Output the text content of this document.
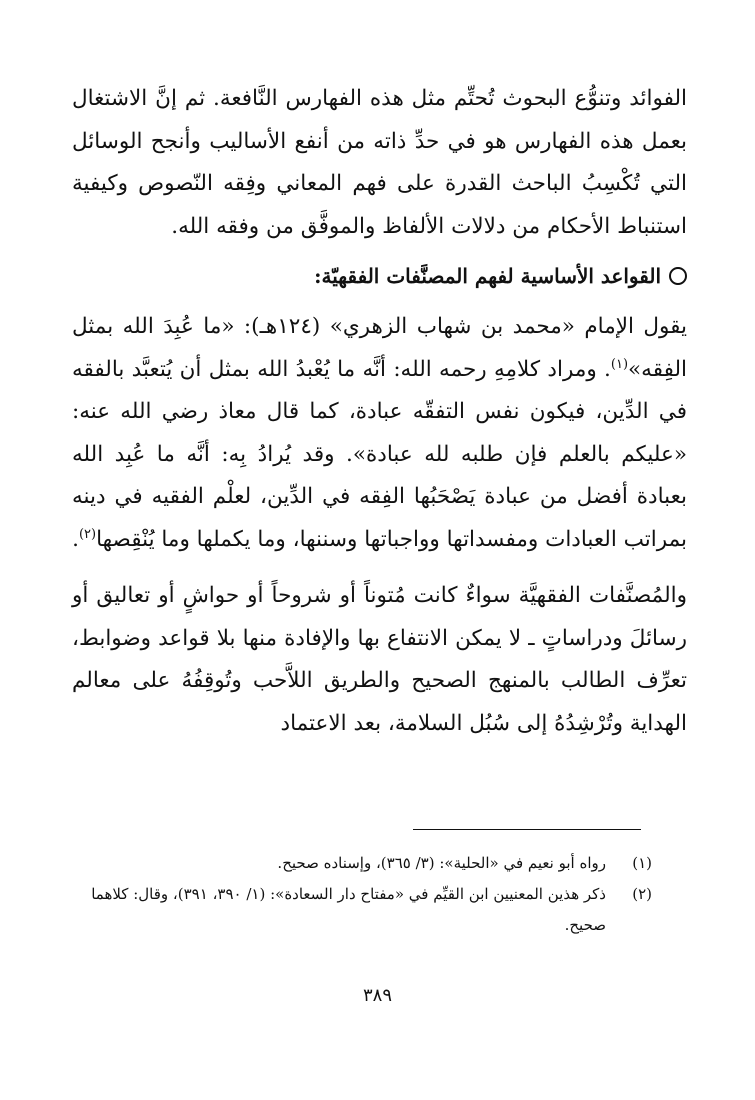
الفوائد وتنوُّع البحوث تُحتِّم مثل هذه الفهارس النَّافعة. ثم إنَّ الاشتغال بعمل هذه الفهارس هو في حدِّ ذاته من أنفع الأساليب وأنجح الوسائل التي تُكْسِبُ الباحث القدرة على فهم المعاني وفِقه النّصوص وكيفية استنباط الأحكام من دلالات الألفاظ والموفَّق من وفقه الله.

القواعد الأساسية لفهم المصنَّفات الفقهيّة:

يقول الإمام «محمد بن شهاب الزهري» (١٢٤هـ): «ما عُبِدَ الله بمثل الفِقه»$^{(١)}$. ومراد كلامِهِ رحمه الله: أنَّه ما يُعْبدُ الله بمثل أن يُتعبَّد بالفقه في الدِّين، فيكون نفس التفقّه عبادة، كما قال معاذ رضي الله عنه: «عليكم بالعلم فإن طلبه لله عبادة». وقد يُرادُ بِه: أنَّه ما عُبِد الله بعبادة أفضل من عبادة يَصْحَبُها الفِقه في الدِّين، لعلْم الفقيه في دينه بمراتب العبادات ومفسداتها وواجباتها وسننها، وما يكملها وما يُنْقِصها$^{(٢)}$.

والمُصنَّفات الفقهيَّة سواءٌ كانت مُتوناً أو شروحاً أو حواشٍ أو تعاليق أو رسائلَ ودراساتٍ ـ لا يمكن الانتفاع بها والإفادة منها بلا قواعد وضوابط، تعرِّف الطالب بالمنهج الصحيح والطريق اللاَّحب وتُوقِفُهُ على معالم الهداية وتُرْشِدُهُ إلى سُبُل السلامة، بعد الاعتماد

(١)
رواه أبو نعيم في «الحلية»: (٣/ ٣٦٥)، وإسناده صحيح.
(٢)
ذكر هذين المعنيين ابن القيِّم في «مفتاح دار السعادة»: (١/ ٣٩٠، ٣٩١)، وقال: كلاهما صحيح.
٣٨٩
